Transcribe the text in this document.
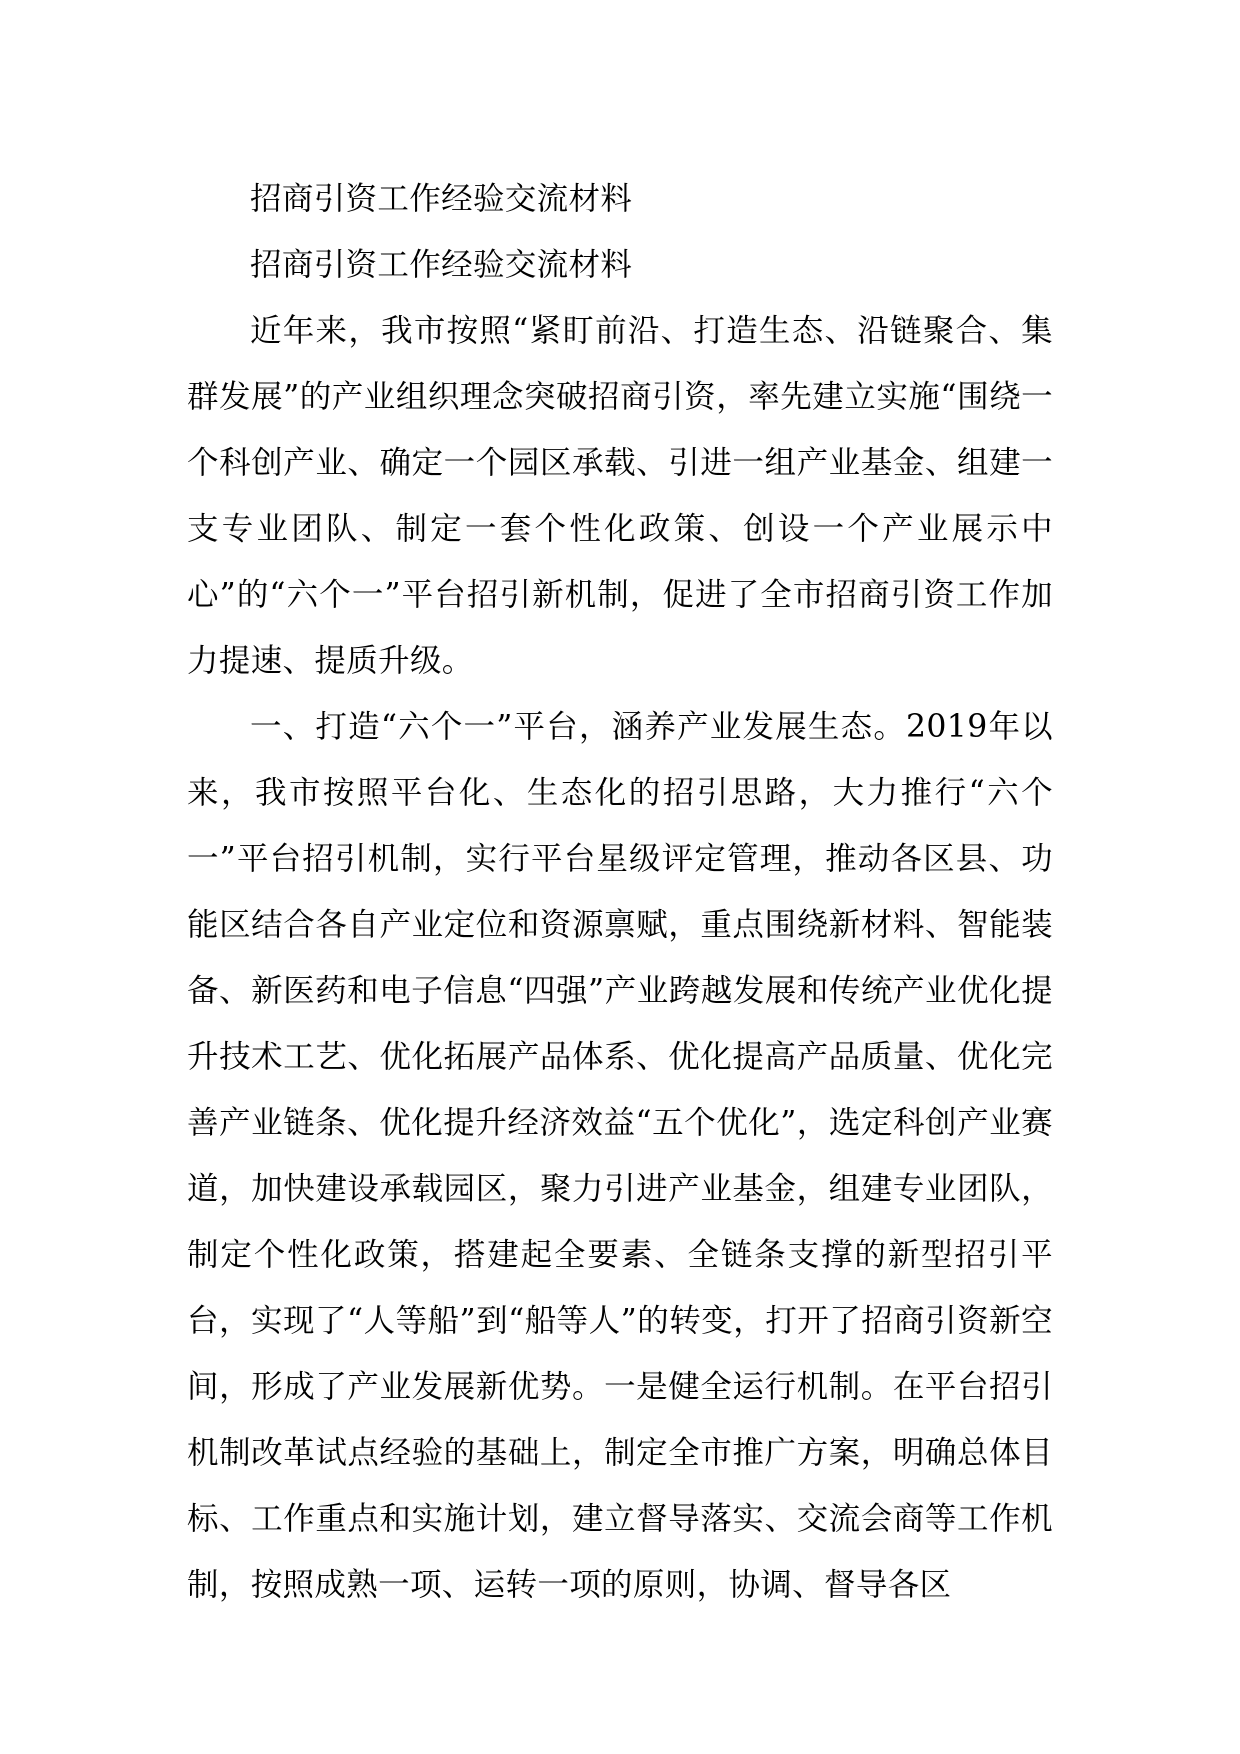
招商引资工作经验交流材料

招商引资工作经验交流材料

近年来，我市按照“紧盯前沿、打造生态、沿链聚合、集群发展”的产业组织理念突破招商引资，率先建立实施“围绕一个科创产业、确定一个园区承载、引进一组产业基金、组建一支专业团队、制定一套个性化政策、创设一个产业展示中心”的“六个一”平台招引新机制，促进了全市招商引资工作加力提速、提质升级。

一、打造“六个一”平台，涵养产业发展生态。2019年以来，我市按照平台化、生态化的招引思路，大力推行“六个一”平台招引机制，实行平台星级评定管理，推动各区县、功能区结合各自产业定位和资源禀赋，重点围绕新材料、智能装备、新医药和电子信息“四强”产业跨越发展和传统产业优化提升技术工艺、优化拓展产品体系、优化提高产品质量、优化完善产业链条、优化提升经济效益“五个优化”，选定科创产业赛道，加快建设承载园区，聚力引进产业基金，组建专业团队，制定个性化政策，搭建起全要素、全链条支撑的新型招引平台，实现了“人等船”到“船等人”的转变，打开了招商引资新空间，形成了产业发展新优势。一是健全运行机制。在平台招引机制改革试点经验的基础上，制定全市推广方案，明确总体目标、工作重点和实施计划，建立督导落实、交流会商等工作机制，按照成熟一项、运转一项的原则，协调、督导各区
